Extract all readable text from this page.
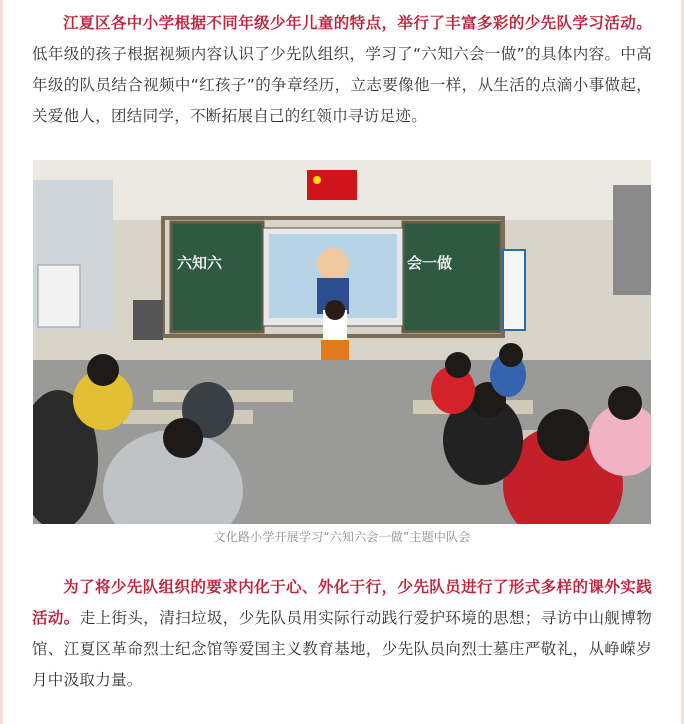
江夏区各中小学根据不同年级少年儿童的特点，举行了丰富多彩的少先队学习活动。低年级的孩子根据视频内容认识了少先队组织，学习了“六知六会一做”的具体内容。中高年级的队员结合视频中“红孩子”的争章经历，立志要像他一样，从生活的点滴小事做起，关爱他人，团结同学，不断拓展自己的红领巾寻访足迹。

六知六	会一做
文化路小学开展学习“六知六会一做”主题中队会

为了将少先队组织的要求内化于心、外化于行，少先队员进行了形式多样的课外实践活动。走上街头，清扫垃圾，少先队员用实际行动践行爱护环境的思想；寻访中山舰博物馆、江夏区革命烈士纪念馆等爱国主义教育基地，少先队员向烈士墓庄严敬礼，从峥嵘岁月中汲取力量。
